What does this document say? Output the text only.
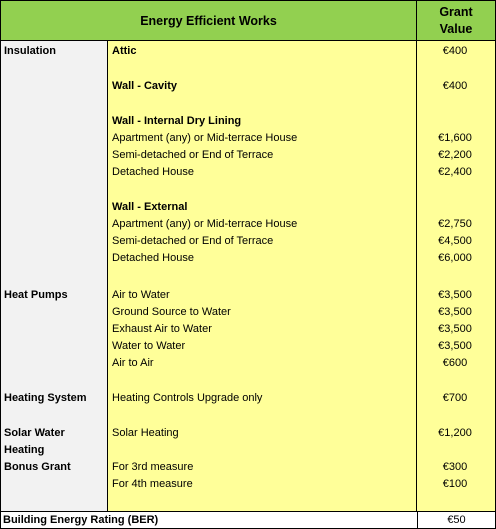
Energy Efficient Works
Grant
Value
Insulation
Heat Pumps
Heating System
Solar Water
Heating
Bonus Grant
Attic
Wall - Cavity
Wall - Internal Dry Lining
Apartment (any) or Mid-terrace House
Semi-detached or End of Terrace
Detached House
Wall - External
Apartment (any) or Mid-terrace House
Semi-detached or End of Terrace
Detached House
Air to Water
Ground Source to Water
Exhaust Air to Water
Water to Water
Air to Air
Heating Controls Upgrade only
Solar Heating
For 3rd measure
For 4th measure
€400
€400
€1,600
€2,200
€2,400
€2,750
€4,500
€6,000
€3,500
€3,500
€3,500
€3,500
€600
€700
€1,200
€300
€100
Building Energy Rating (BER)	€50
